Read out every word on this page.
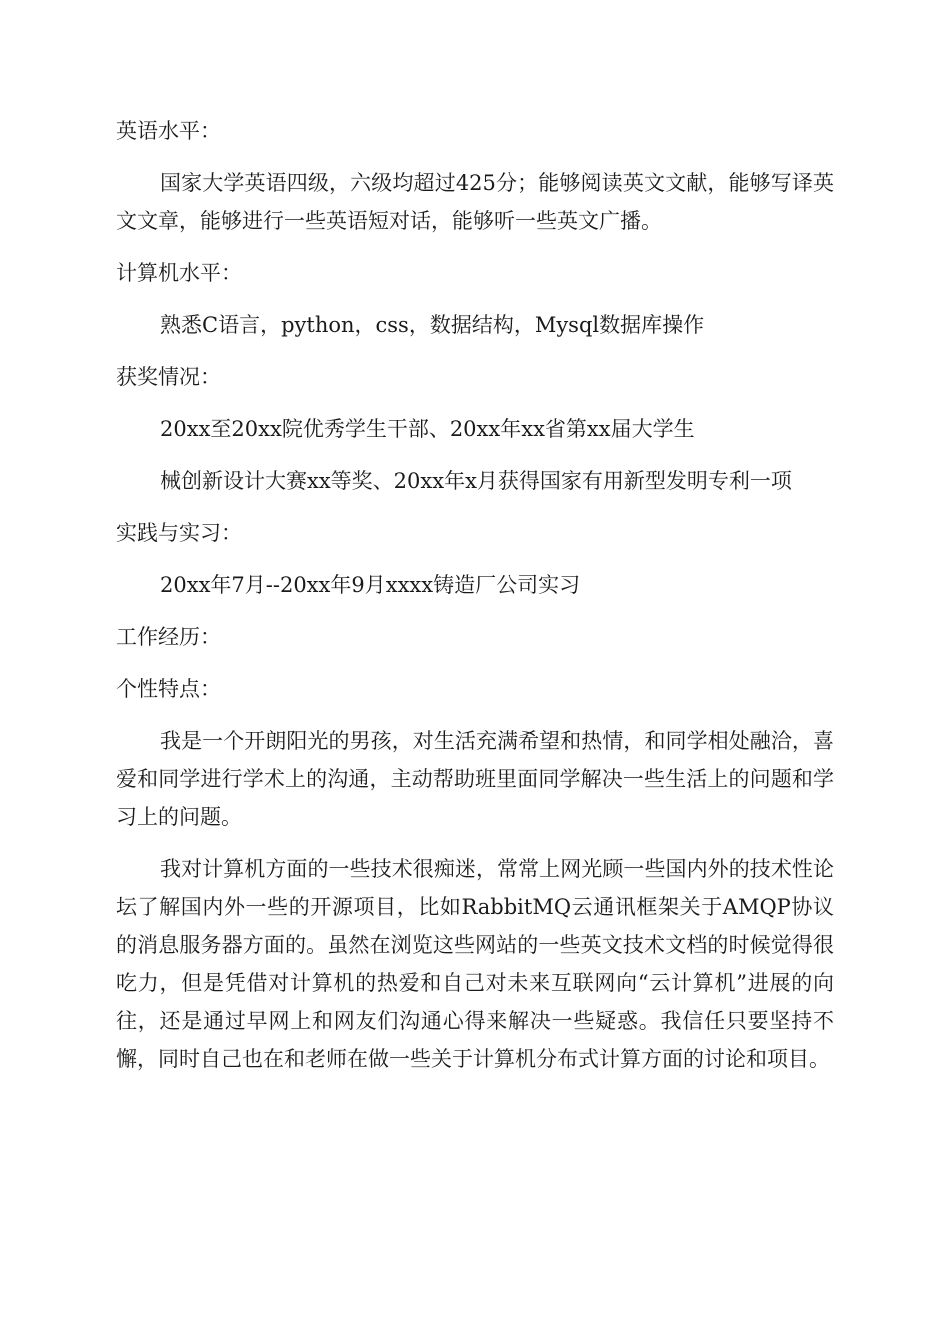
英语水平：

国家大学英语四级，六级均超过425分；能够阅读英文文献，能够写译英文文章，能够进行一些英语短对话，能够听一些英文广播。

计算机水平：

熟悉C语言，python，css，数据结构，Mysql数据库操作

获奖情况：

20xx至20xx院优秀学生干部、20xx年xx省第xx届大学生

械创新设计大赛xx等奖、20xx年x月获得国家有用新型发明专利一项

实践与实习：

20xx年7月--20xx年9月xxxx铸造厂公司实习

工作经历：
个性特点：

我是一个开朗阳光的男孩，对生活充满希望和热情，和同学相处融洽，喜爱和同学进行学术上的沟通，主动帮助班里面同学解决一些生活上的问题和学习上的问题。

我对计算机方面的一些技术很痴迷，常常上网光顾一些国内外的技术性论坛了解国内外一些的开源项目，比如RabbitMQ云通讯框架关于AMQP协议的消息服务器方面的。虽然在浏览这些网站的一些英文技术文档的时候觉得很吃力，但是凭借对计算机的热爱和自己对未来互联网向“云计算机”进展的向往，还是通过早网上和网友们沟通心得来解决一些疑惑。我信任只要坚持不懈，同时自己也在和老师在做一些关于计算机分布式计算方面的讨论和项目。
